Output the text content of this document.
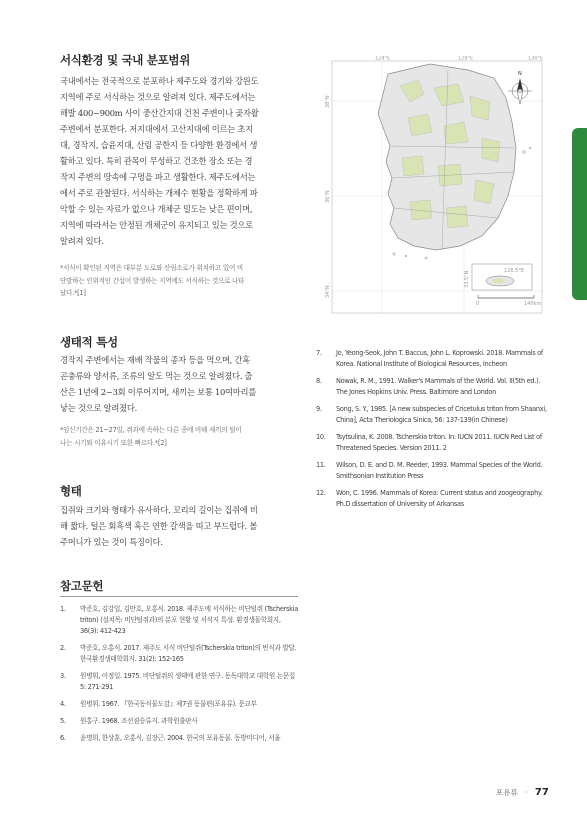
서식환경 및 국내 분포범위
국내에서는 전국적으로 분포하나 제주도와 경기와 강원도
지역에 주로 서식하는 것으로 알려져 있다. 제주도에서는
해발 400~900m 사이 중산간지대 건천 주변이나 곶자왈
주변에서 분포한다. 저지대에서 고산지대에 이르는 초지
대, 경작지, 습윤지대, 산림 공한지 등 다양한 환경에서 생
활하고 있다. 특히 관목이 무성하고 건조한 장소 또는 경
작지 주변의 땅속에 구멍을 파고 생활한다. 제주도에서는
에서 주로 관찰된다. 서식하는 개체수 현황을 정확하게 파
악할 수 있는 자료가 없으나 개체군 밀도는 낮은 편이며,
지역에 따라서는 안정된 개체군이 유지되고 있는 것으로
알려져 있다.
*서식이 확인된 지역은 대부분 도로와 산림소로가 위치하고 있어 비
단발하는 인위적인 간섭이 발생하는 지역에도 서식하는 것으로 나타
났다.*[1]
N
126.5°E
33.5°N
0	140km
124°E	128°E	130°E
38°N
36°N
34°N
생태적 특성
경작지 주변에서는 재배 작물의 종자 등을 먹으며, 간혹
곤충류와 양서류, 조류의 알도 먹는 것으로 알려졌다. 출
산은 1년에 2~3회 이루어지며, 새끼는 보통 10여마리를
낳는 것으로 알려졌다.
*임신기간은 21~27일, 쥐과에 속하는 다른 종에 비해 새끼의 털이
나는 시기와 이유시기 또한 빠르다.*[2]
형태
집쥐와 크기와 형태가 유사하다. 꼬리의 길이는 집쥐에 비
해 짧다. 털은 회흑색 혹은 연한 갈색을 띠고 부드럽다. 볼
주머니가 있는 것이 특징이다.
참고문헌
1.	박준호, 김강일, 김만호, 오홍식. 2018. 제주도에 서식하는 비단털쥐 (Tscherskia triton) (설치목: 비단털쥐과)의 분포 현황 및 서식지 특성. 환경생물학회지, 36(3): 412-423
2.	박준호, 오홍식. 2017. 제주도 서식 비단털쥐(Tscherskia triton)의 번식과 발달. 한국환경생태학회지. 31(2): 152-165
3.	원병휘, 이정일. 1975. 비단털쥐의 생태에 관한 연구. 동독대학교 대학원 논문집 5: 271-291
4.	원병휘. 1967. 『한국동식물도감』제7권 동물편(포유류). 문교부
5.	원홍구. 1968. 조선짐승류지. 과학원출판사
6.	윤명희, 한상훈, 오홍식, 김장근. 2004. 한국의 포유동물. 동방미디어, 서울
7.	Jo, Yeong-Seok, John T. Baccus, John L. Koprowski. 2018. Mammals of Korea. National Institute of Biological Resources, Incheon
8.	Nowak, R. M., 1991. Walker's Mammals of the World. Vol. II(5th ed.). The Jones Hopkins Univ. Press. Baltimore and London
9.	Song, S. Y., 1985. [A new subspecies of Cricetulus triton from Shaanxi, China], Acta Theriologica Sinica, 56: 137-139(in Chinese)
10.	Tsytsulina, K. 2008. Tscherskia triton. In: IUCN 2011. IUCN Red List of Threatened Species. Version 2011. 2
11.	Wilson, D. E. and D. M. Reeder, 1993. Mammal Species of the World. Smithsonian Institution Press
12.	Won, C. 1996. Mammals of Korea: Current status and zoogeography. Ph.D dissertation of University of Arkansas
포유류 · 77
